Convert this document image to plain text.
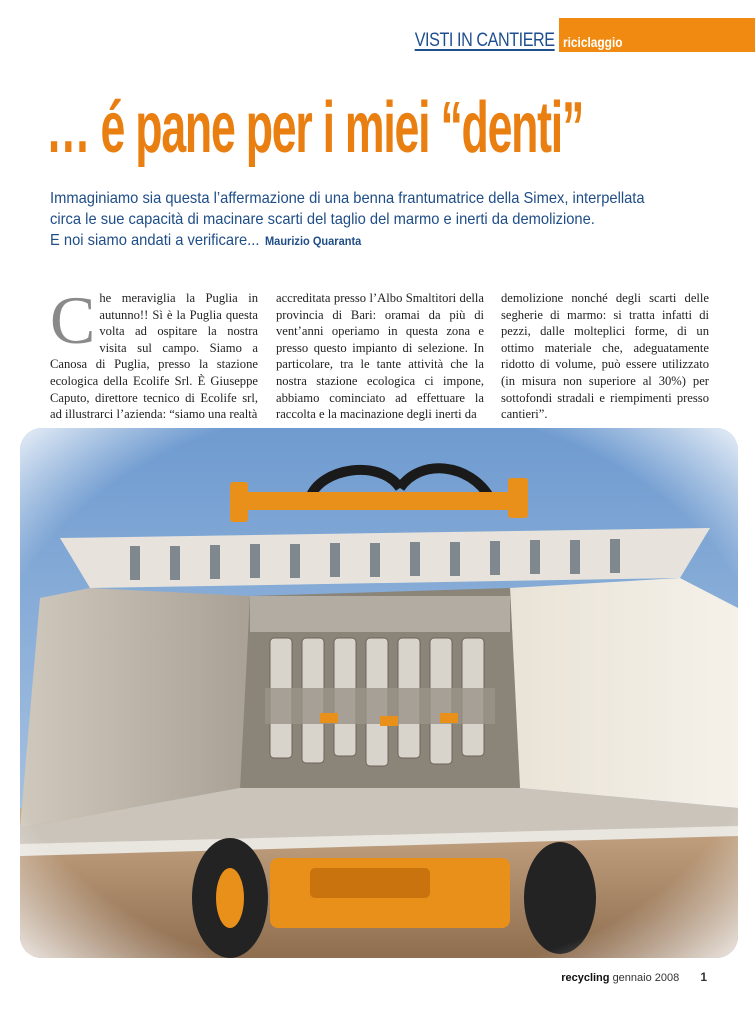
VISTI IN CANTIERE riciclaggio
… é pane per i miei “denti”
Immaginiamo sia questa l’affermazione di una benna frantumatrice della Simex, interpellata
circa le sue capacità di macinare scarti del taglio del marmo e inerti da demolizione.
E noi siamo andati a verificare... Maurizio Quaranta
Che meraviglia la Puglia in autunno!! Sì è la Puglia questa volta ad ospitare la nostra visita sul campo. Siamo a Canosa di Puglia, presso la stazione ecologica della Ecolife Srl. È Giuseppe Caputo, direttore tecnico di Ecolife srl, ad illustrarci l’azienda: “siamo una realtà
accreditata presso l’Albo Smaltitori della provincia di Bari: oramai da più di vent’anni operiamo in questa zona e presso questo impianto di selezione. In particolare, tra le tante attività che la nostra stazione ecologica ci impone, abbiamo cominciato ad effettuare la raccolta e la macinazione degli inerti da
demolizione nonché degli scarti delle segherie di marmo: si tratta infatti di pezzi, dalle molteplici forme, di un ottimo materiale che, adeguatamente ridotto di volume, può essere utilizzato (in misura non superiore al 30%) per sottofondi stradali e riempimenti presso cantieri”.
recycling gennaio 2008 1
